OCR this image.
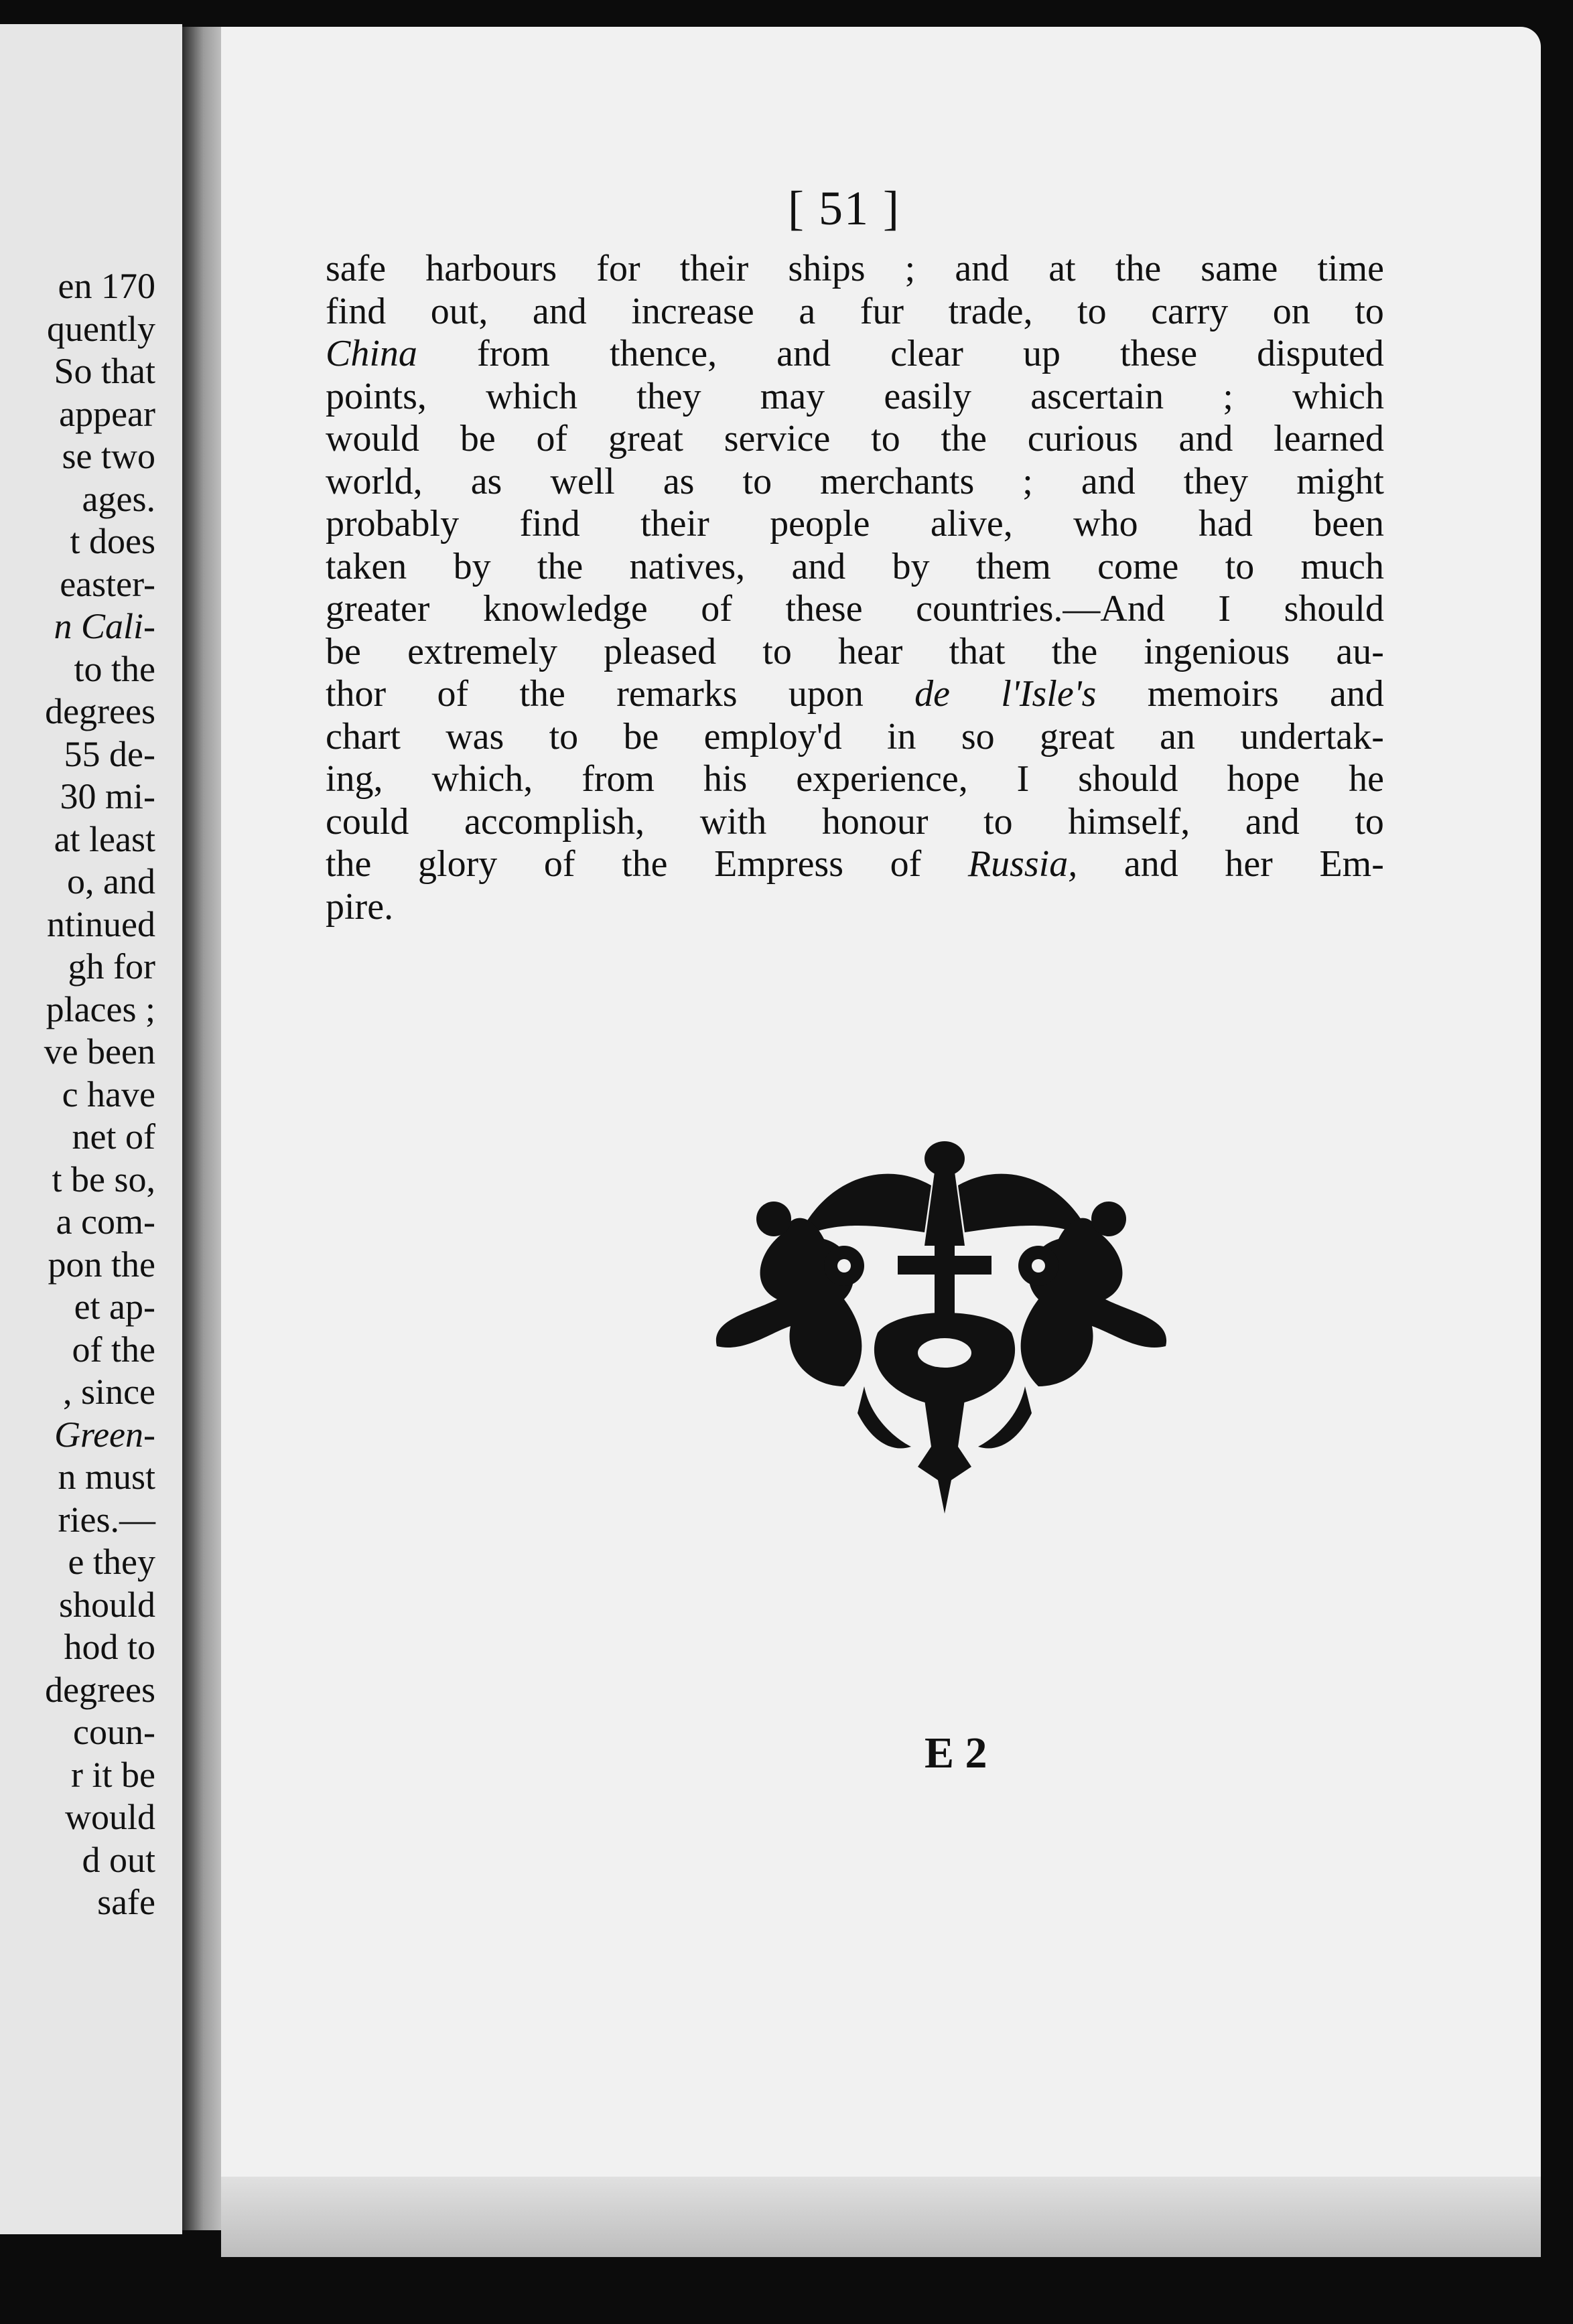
en 170
quently
So that
appear
se two
ages.
t does
easter-
n Cali-
to the
degrees
55 de-
30 mi-
at least
o, and
ntinued
gh for
places ;
ve been
c have
net of
t be so,
a com-
pon the
et ap-
of the
, since
Green-
n must
ries.—
e they
should
hod to
degrees
coun-
r it be
would
d out
safe
[ 51 ]
safe harbours for their ships ; and at the same time
find out, and increase a fur trade, to carry on to
China from thence, and clear up these disputed
points, which they may easily ascertain ; which
would be of great service to the curious and learned
world, as well as to merchants ; and they might
probably find their people alive, who had been
taken by the natives, and by them come to much
greater knowledge of these countries.—And I should
be extremely pleased to hear that the ingenious au-
thor of the remarks upon de l'Isle's memoirs and
chart was to be employ'd in so great an undertak-
ing, which, from his experience, I should hope he
could accomplish, with honour to himself, and to
the glory of the Empress of Russia, and her Em-
pire.
E 2
